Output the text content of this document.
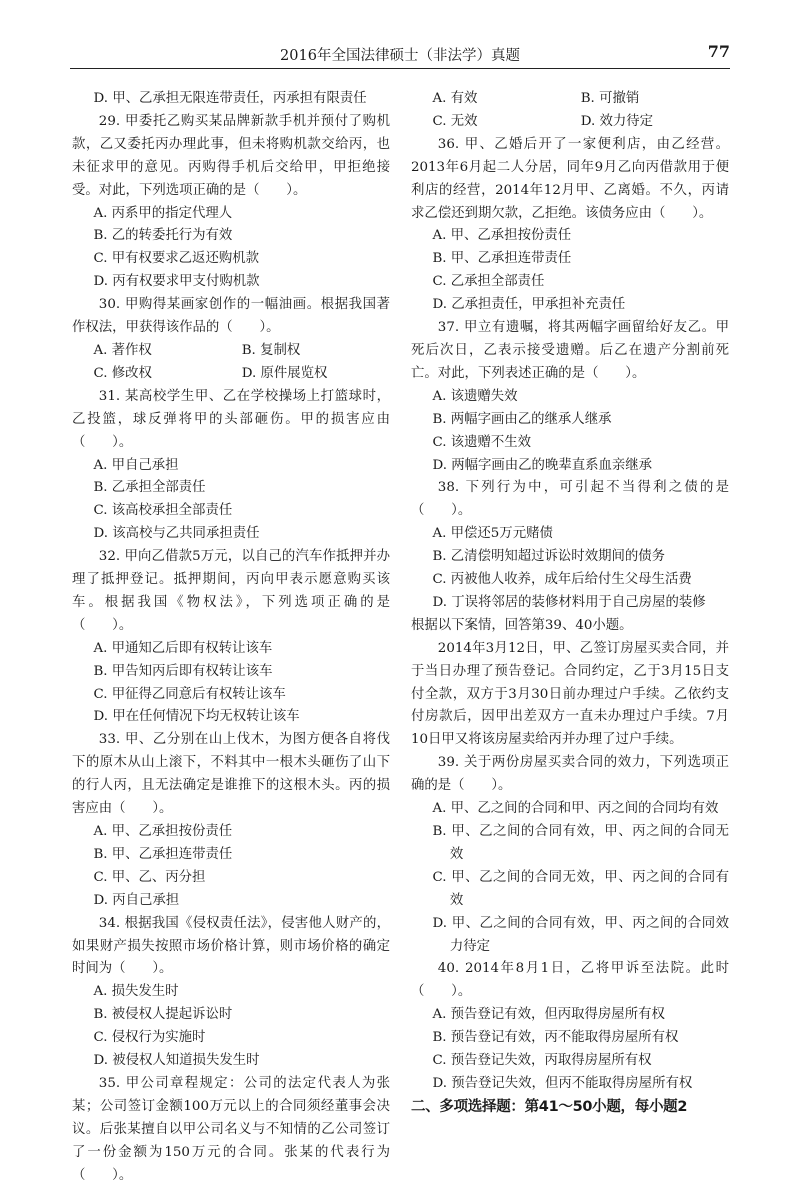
2016年全国法律硕士（非法学）真题	77

D. 甲、乙承担无限连带责任，丙承担有限责任

29. 甲委托乙购买某品牌新款手机并预付了购机款，乙又委托丙办理此事，但未将购机款交给丙，也未征求甲的意见。丙购得手机后交给甲，甲拒绝接受。对此，下列选项正确的是（　　）。

A. 丙系甲的指定代理人

B. 乙的转委托行为有效

C. 甲有权要求乙返还购机款

D. 丙有权要求甲支付购机款

30. 甲购得某画家创作的一幅油画。根据我国著作权法，甲获得该作品的（　　）。

A. 著作权	B. 复制权
C. 修改权	D. 原件展览权

31. 某高校学生甲、乙在学校操场上打篮球时，乙投篮，球反弹将甲的头部砸伤。甲的损害应由（　　）。

A. 甲自己承担

B. 乙承担全部责任

C. 该高校承担全部责任

D. 该高校与乙共同承担责任

32. 甲向乙借款5万元，以自己的汽车作抵押并办理了抵押登记。抵押期间，丙向甲表示愿意购买该车。根据我国《物权法》，下列选项正确的是（　　）。

A. 甲通知乙后即有权转让该车

B. 甲告知丙后即有权转让该车

C. 甲征得乙同意后有权转让该车

D. 甲在任何情况下均无权转让该车

33. 甲、乙分别在山上伐木，为图方便各自将伐下的原木从山上滚下，不料其中一根木头砸伤了山下的行人丙，且无法确定是谁推下的这根木头。丙的损害应由（　　）。

A. 甲、乙承担按份责任

B. 甲、乙承担连带责任

C. 甲、乙、丙分担

D. 丙自己承担

34. 根据我国《侵权责任法》，侵害他人财产的，如果财产损失按照市场价格计算，则市场价格的确定时间为（　　）。

A. 损失发生时

B. 被侵权人提起诉讼时

C. 侵权行为实施时

D. 被侵权人知道损失发生时

35. 甲公司章程规定：公司的法定代表人为张某；公司签订金额100万元以上的合同须经董事会决议。后张某擅自以甲公司名义与不知情的乙公司签订了一份金额为150万元的合同。张某的代表行为（　　）。

A. 有效	B. 可撤销
C. 无效	D. 效力待定

36. 甲、乙婚后开了一家便利店，由乙经营。2013年6月起二人分居，同年9月乙向丙借款用于便利店的经营，2014年12月甲、乙离婚。不久，丙请求乙偿还到期欠款，乙拒绝。该债务应由（　　）。

A. 甲、乙承担按份责任

B. 甲、乙承担连带责任

C. 乙承担全部责任

D. 乙承担责任，甲承担补充责任

37. 甲立有遗嘱，将其两幅字画留给好友乙。甲死后次日，乙表示接受遗赠。后乙在遗产分割前死亡。对此，下列表述正确的是（　　）。

A. 该遗赠失效

B. 两幅字画由乙的继承人继承

C. 该遗赠不生效

D. 两幅字画由乙的晚辈直系血亲继承

38. 下列行为中，可引起不当得利之债的是（　　）。

A. 甲偿还5万元赌债

B. 乙清偿明知超过诉讼时效期间的债务

C. 丙被他人收养，成年后给付生父母生活费

D. 丁误将邻居的装修材料用于自己房屋的装修

根据以下案情，回答第39、40小题。

2014年3月12日，甲、乙签订房屋买卖合同，并于当日办理了预告登记。合同约定，乙于3月15日支付全款，双方于3月30日前办理过户手续。乙依约支付房款后，因甲出差双方一直未办理过户手续。7月10日甲又将该房屋卖给丙并办理了过户手续。

39. 关于两份房屋买卖合同的效力，下列选项正确的是（　　）。

A. 甲、乙之间的合同和甲、丙之间的合同均有效

B. 甲、乙之间的合同有效，甲、丙之间的合同无效

C. 甲、乙之间的合同无效，甲、丙之间的合同有效

D. 甲、乙之间的合同有效，甲、丙之间的合同效力待定

40. 2014年8月1日，乙将甲诉至法院。此时（　　）。

A. 预告登记有效，但丙取得房屋所有权

B. 预告登记有效，丙不能取得房屋所有权

C. 预告登记失效，丙取得房屋所有权

D. 预告登记失效，但丙不能取得房屋所有权

二、多项选择题：第41～50小题，每小题2
